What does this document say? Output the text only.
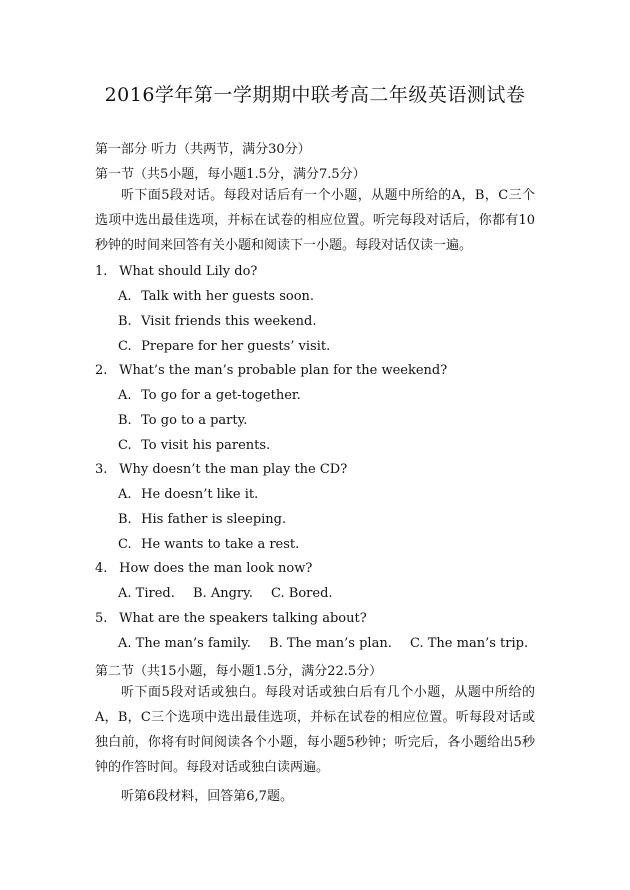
2016学年第一学期期中联考高二年级英语测试卷
第一部分 听力（共两节，满分30分）
第一节（共5小题，每小题1.5分，满分7.5分）
听下面5段对话。每段对话后有一个小题，从题中所给的A，B，C三个选项中选出最佳选项，并标在试卷的相应位置。听完每段对话后，你都有10秒钟的时间来回答有关小题和阅读下一小题。每段对话仅读一遍。
1. What should Lily do?
A. Talk with her guests soon.
B. Visit friends this weekend.
C. Prepare for her guests’ visit.
2. What’s the man’s probable plan for the weekend?
A. To go for a get-together.
B. To go to a party.
C. To visit his parents.
3. Why doesn’t the man play the CD?
A. He doesn’t like it.
B. His father is sleeping.
C. He wants to take a rest.
4. How does the man look now?
A. Tired. B. Angry. C. Bored.
5. What are the speakers talking about?
A. The man’s family. B. The man’s plan. C. The man’s trip.
第二节（共15小题，每小题1.5分，满分22.5分）
听下面5段对话或独白。每段对话或独白后有几个小题，从题中所给的A，B，C三个选项中选出最佳选项，并标在试卷的相应位置。听每段对话或独白前，你将有时间阅读各个小题，每小题5秒钟；听完后，各小题给出5秒钟的作答时间。每段对话或独白读两遍。
听第6段材料，回答第6,7题。
